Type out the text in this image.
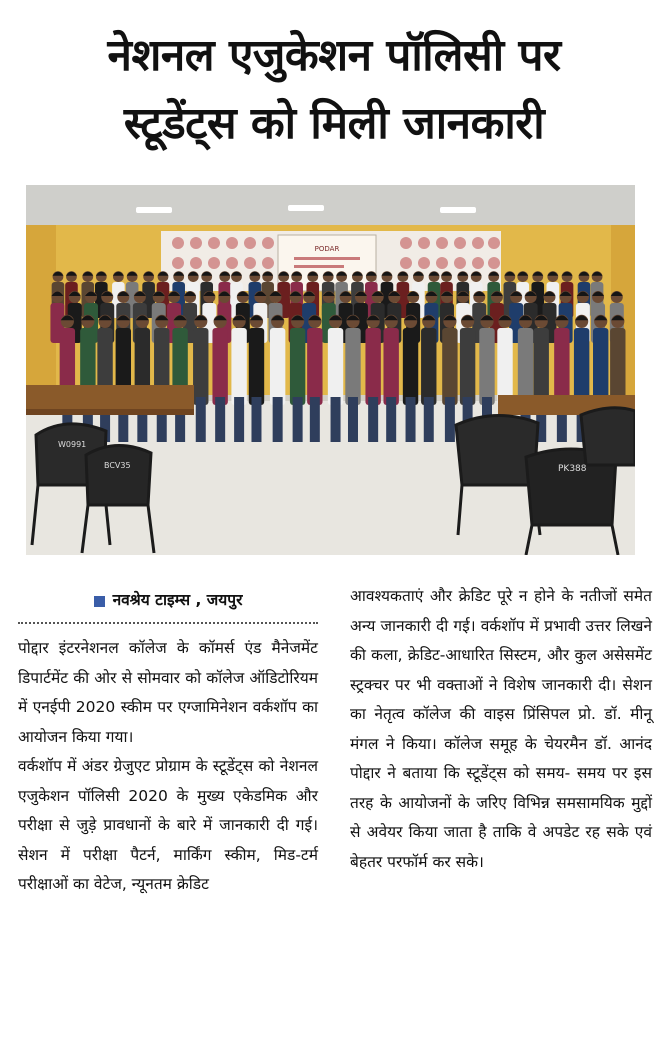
नेशनल एजुकेशन पॉलिसी पर
स्टूडेंट्स को मिली जानकारी
PODAR
W0991
BCV35	PK388
नवश्रेय टाइम्स , जयपुर

पोद्दार इंटरनेशनल कॉलेज के कॉमर्स एंड मैनेजमेंट डिपार्टमेंट की ओर से सोमवार को कॉलेज ऑडिटोरियम में एनईपी 2020 स्कीम पर एग्जामिनेशन वर्कशॉप का आयोजन किया गया।

वर्कशॉप में अंडर ग्रेजुएट प्रोग्राम के स्टूडेंट्स को नेशनल एजुकेशन पॉलिसी 2020 के मुख्य एकेडमिक और परीक्षा से जुड़े प्रावधानों के बारे में जानकारी दी गई। सेशन में परीक्षा पैटर्न, मार्किंग स्कीम, मिड-टर्म परीक्षाओं का वेटेज, न्यूनतम क्रेडिट

आवश्यकताएं और क्रेडिट पूरे न होने के नतीजों समेत अन्य जानकारी दी गई। वर्कशॉप में प्रभावी उत्तर लिखने की कला, क्रेडिट-आधारित सिस्टम, और कुल असेसमेंट स्ट्रक्चर पर भी वक्ताओं ने विशेष जानकारी दी। सेशन का नेतृत्व कॉलेज की वाइस प्रिंसिपल प्रो. डॉ. मीनू मंगल ने किया। कॉलेज समूह के चेयरमैन डॉ. आनंद पोद्दार ने बताया कि स्टूडेंट्स को समय- समय पर इस तरह के आयोजनों के जरिए विभिन्न समसामयिक मुद्दों से अवेयर किया जाता है ताकि वे अपडेट रह सके एवं बेहतर परफॉर्म कर सके।
